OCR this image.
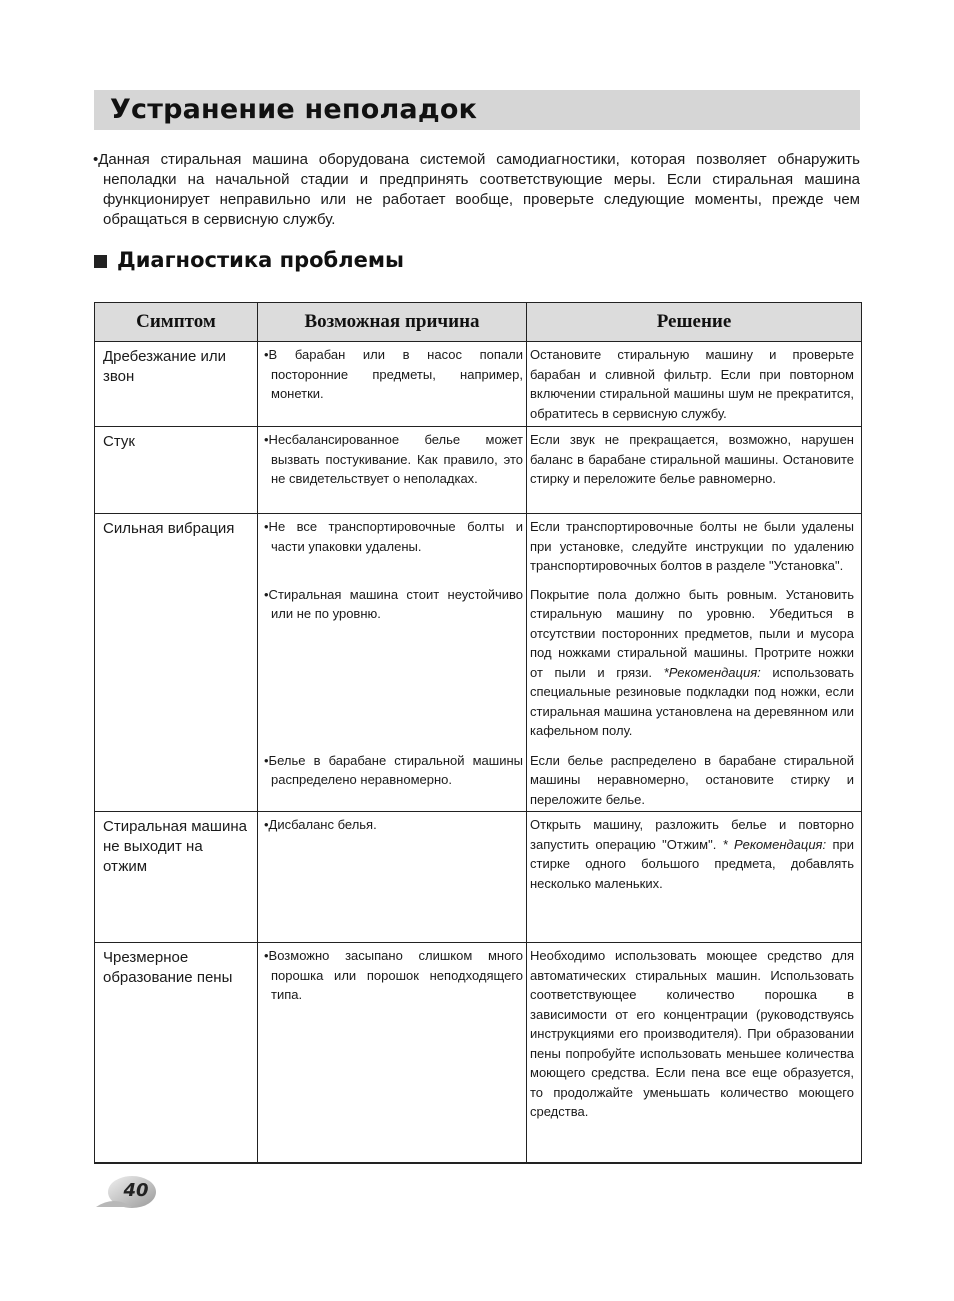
Устранение неполадок

•Данная стиральная машина оборудована системой самодиагностики, которая позволяет обнаружить неполадки на начальной стадии и предпринять соответствующие меры. Если стиральная машина функционирует неправильно или не работает вообще, проверьте следующие моменты, прежде чем обращаться в сервисную службу.

Диагностика проблемы
Симптом	Возможная причина	Решение

Дребезжание или звон	•В барабан или в насос попали посторонние предметы, например, монетки.	Остановите стиральную машину и проверьте барабан и сливной фильтр. Если при повторном включении стиральной машины шум не прекратится, обратитесь в сервисную службу.

Стук	•Несбалансированное белье может вызвать постукивание. Как правило, это не свидетельствует о неполадках.	Если звук не прекращается, возможно, нарушен баланс в барабане стиральной машины. Остановите стирку и переложите белье равномерно.

Сильная вибрация	•Не все транспортировочные болты и части упаковки удалены.	Если транспортировочные болты не были удалены при установке, следуйте инструкции по удалению транспортировочных болтов в разделе "Установка".

	•Стиральная машина стоит неустойчиво или не по уровню.	Покрытие пола должно быть ровным. Установить стиральную машину по уровню. Убедиться в отсутствии посторонних предметов, пыли и мусора под ножками стиральной машины. Протрите ножки от пыли и грязи. *Рекомендация: использовать специальные резиновые подкладки под ножки, если стиральная машина установлена на деревянном или кафельном полу.

	•Белье в барабане стиральной машины распределено неравномерно.	Если белье распределено в барабане стиральной машины неравномерно, остановите стирку и переложите белье.

Стиральная машина не выходит на отжим	•Дисбаланс белья.	Открыть машину, разложить белье и повторно запустить операцию "Отжим". * Рекомендация: при стирке одного большого предмета, добавлять несколько маленьких.

Чрезмерное образование пены	•Возможно засыпано слишком много порошка или порошок неподходящего типа.	Необходимо использовать моющее средство для автоматических стиральных машин. Использовать соответствующее количество порошка в зависимости от его концентрации (руководствуясь инструкциями его производителя). При образовании пены попробуйте использовать меньшее количества моющего средства. Если пена все еще образуется, то продолжайте уменьшать количество моющего средства.
40
